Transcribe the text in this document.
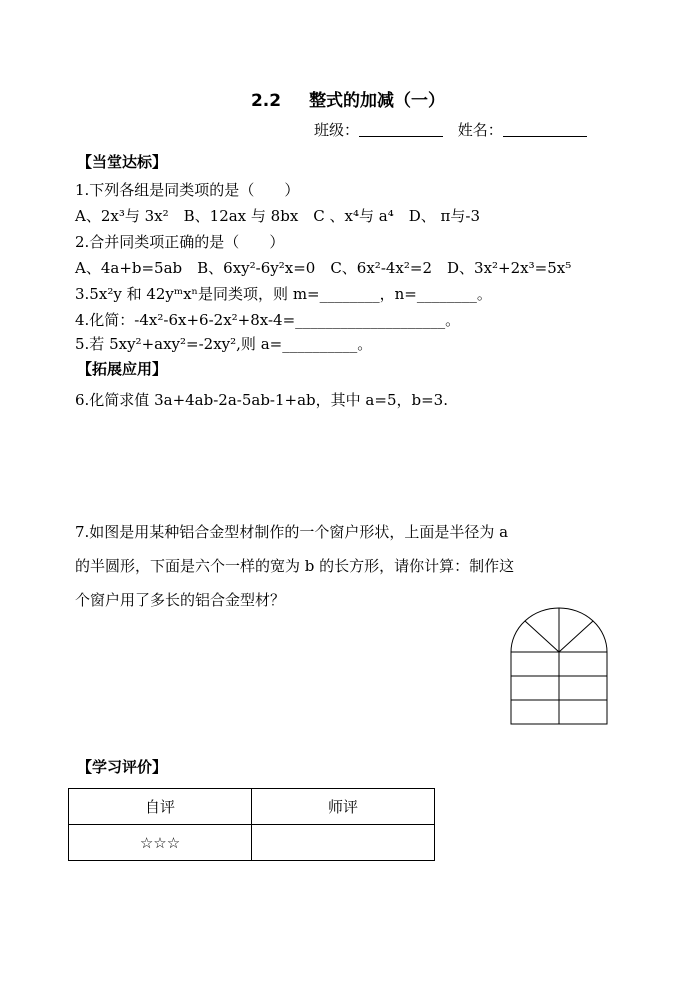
2.2 整式的加减（一）
班级：	姓名：
【当堂达标】
1.下列各组是同类项的是（　　）
A、2x³与 3x²　B、12ax 与 8bx　C 、x⁴与 a⁴　D、 π与-3
2.合并同类项正确的是（　　）
A、4a+b=5ab　B、6xy²-6y²x=0　C、6x²-4x²=2　D、3x²+2x³=5x⁵
3.5x²y 和 42yᵐxⁿ是同类项，则 m=________，n=________。
4.化简：-4x²-6x+6-2x²+8x-4=____________________。
5.若 5xy²+axy²=-2xy²,则 a=__________。
【拓展应用】
6.化简求值 3a+4ab-2a-5ab-1+ab，其中 a=5，b=3.
7.如图是用某种铝合金型材制作的一个窗户形状，上面是半径为 a
的半圆形，下面是六个一样的宽为 b 的长方形，请你计算：制作这
个窗户用了多长的铝合金型材？
【学习评价】
自评	师评
☆☆☆	
